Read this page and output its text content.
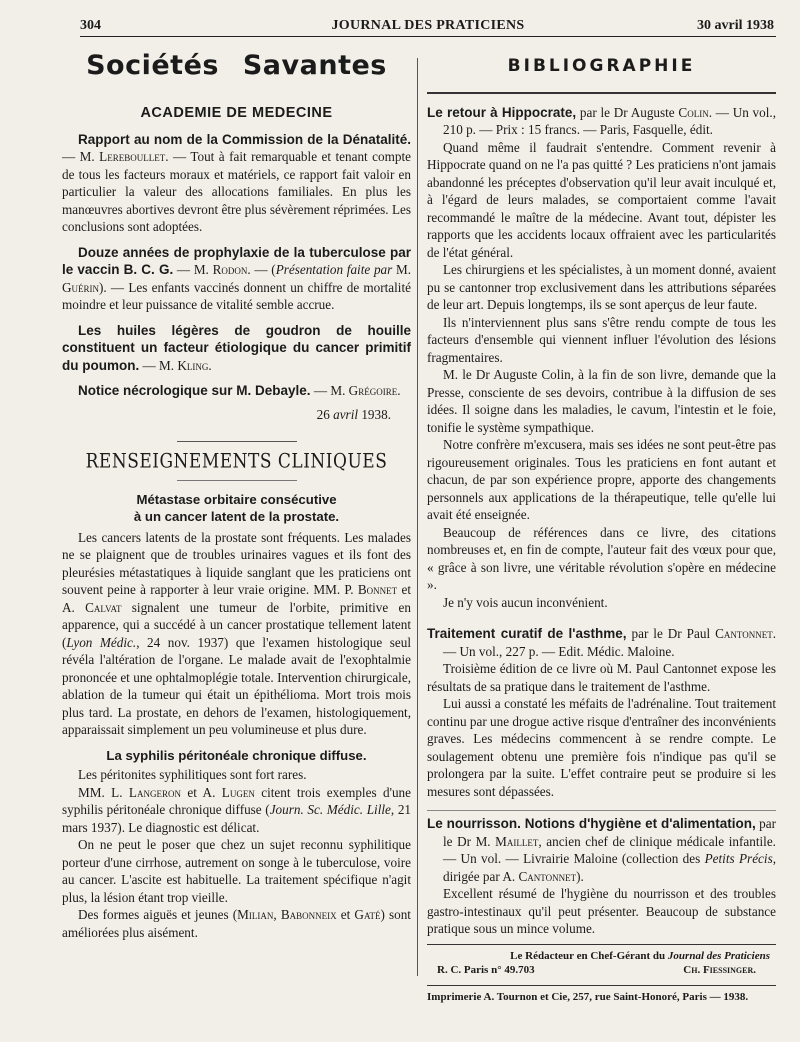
304	JOURNAL DES PRATICIENS	30 avril 1938
Sociétés Savantes
ACADEMIE DE MEDECINE

Rapport au nom de la Commission de la Dénatalité. — M. Lereboullet. — Tout à fait remarquable et tenant compte de tous les facteurs moraux et matériels, ce rapport fait valoir en particulier la valeur des allocations familiales. En plus les manœuvres abortives devront être plus sévèrement réprimées. Les conclusions sont adoptées.

Douze années de prophylaxie de la tuberculose par le vaccin B. C. G. — M. Rodon. — (Présentation faite par M. Guérin). — Les enfants vaccinés donnent un chiffre de mortalité moindre et leur puissance de vitalité semble accrue.

Les huiles légères de goudron de houille constituent un facteur étiologique du cancer primitif du poumon. — M. Kling.

Notice nécrologique sur M. Debayle. — M. Grégoire.

26 avril 1938.
RENSEIGNEMENTS CLINIQUES
Métastase orbitaire consécutive
à un cancer latent de la prostate.

Les cancers latents de la prostate sont fréquents. Les malades ne se plaignent que de troubles urinaires vagues et ils font des pleurésies métastatiques à liquide sanglant que les praticiens ont souvent peine à rapporter à leur vraie origine. MM. P. Bonnet et A. Calvat signalent une tumeur de l'orbite, primitive en apparence, qui a succédé à un cancer prostatique tellement latent (Lyon Médic., 24 nov. 1937) que l'examen histologique seul révéla l'altération de l'organe. Le malade avait de l'exophtalmie prononcée et une ophtalmoplégie totale. Intervention chirurgicale, ablation de la tumeur qui était un épithélioma. Mort trois mois plus tard. La prostate, en dehors de l'examen, histologiquement, apparaissait simplement un peu volumineuse et plus dure.

La syphilis péritonéale chronique diffuse.

Les péritonites syphilitiques sont fort rares.

MM. L. Langeron et A. Lugen citent trois exemples d'une syphilis péritonéale chronique diffuse (Journ. Sc. Médic. Lille, 21 mars 1937). Le diagnostic est délicat.

On ne peut le poser que chez un sujet reconnu syphilitique porteur d'une cirrhose, autrement on songe à le tuberculose, voire au cancer. L'ascite est habituelle. La traitement spécifique n'agit plus, la lésion étant trop vieille.

Des formes aiguës et jeunes (Milian, Babonneix et Gaté) sont améliorées plus aisément.

BIBLIOGRAPHIE

Le retour à Hippocrate, par le Dr Auguste Colin. — Un vol., 210 p. — Prix : 15 francs. — Paris, Fasquelle, édit.

Quand même il faudrait s'entendre. Comment revenir à Hippocrate quand on ne l'a pas quitté ? Les praticiens n'ont jamais abandonné les préceptes d'observation qu'il leur avait inculqué et, à l'égard de leurs malades, se comportaient comme l'avait recommandé le maître de la médecine. Avant tout, dépister les rapports que les accidents locaux offraient avec les particularités de l'état général.

Les chirurgiens et les spécialistes, à un moment donné, avaient pu se cantonner trop exclusivement dans les attributions séparées de leur art. Depuis longtemps, ils se sont aperçus de leur faute.

Ils n'interviennent plus sans s'être rendu compte de tous les facteurs d'ensemble qui viennent influer l'évolution des lésions fragmentaires.

M. le Dr Auguste Colin, à la fin de son livre, demande que la Presse, consciente de ses devoirs, contribue à la diffusion de ses idées. Il soigne dans les maladies, le cavum, l'intestin et le foie, tonifie le système sympathique.

Notre confrère m'excusera, mais ses idées ne sont peut-être pas rigoureusement originales. Tous les praticiens en font autant et chacun, de par son expérience propre, apporte des changements personnels aux applications de la thérapeutique, telle qu'elle lui avait été enseignée.

Beaucoup de références dans ce livre, des citations nombreuses et, en fin de compte, l'auteur fait des vœux pour que, « grâce à son livre, une véritable révolution s'opère en médecine ».

Je n'y vois aucun inconvénient.

Traitement curatif de l'asthme, par le Dr Paul Cantonnet. — Un vol., 227 p. — Edit. Médic. Maloine.

Troisième édition de ce livre où M. Paul Cantonnet expose les résultats de sa pratique dans le traitement de l'asthme.

Lui aussi a constaté les méfaits de l'adrénaline. Tout traitement continu par une drogue active risque d'entraîner des inconvénients graves. Les médecins commencent à se rendre compte. Le soulagement obtenu une première fois n'indique pas qu'il se prolongera par la suite. L'effet contraire peut se produire si les mesures sont dépassées.

Le nourrisson. Notions d'hygiène et d'alimentation, par le Dr M. Maillet, ancien chef de clinique médicale infantile. — Un vol. — Livrairie Maloine (collection des Petits Précis, dirigée par A. Cantonnet).

Excellent résumé de l'hygiène du nourrisson et des troubles gastro-intestinaux qu'il peut présenter. Beaucoup de substance pratique sous un mince volume.

Le Rédacteur en Chef-Gérant du Journal des Praticiens
R. C. Paris n° 49.703	Ch. Fiessinger.
Imprimerie A. Tournon et Cie, 257, rue Saint-Honoré, Paris — 1938.
